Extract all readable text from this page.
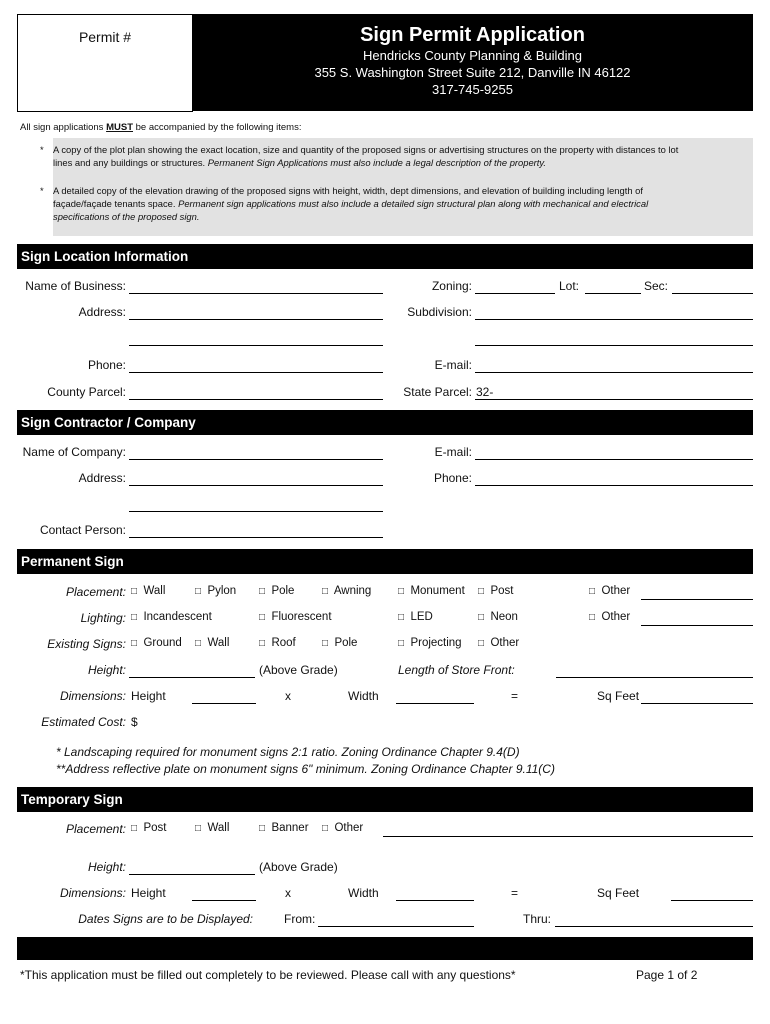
Permit #	Sign Permit Application
Hendricks County Planning & Building
355 S. Washington Street Suite 212, Danville IN 46122
317-745-9255
All sign applications MUST be accompanied by the following items:
* A copy of the plot plan showing the exact location, size and quantity of the proposed signs or advertising structures on the property with distances to lot
lines and any buildings or structures. Permanent Sign Applications must also include a legal description of the property.
* A detailed copy of the elevation drawing of the proposed signs with height, width, dept dimensions, and elevation of building including length of
façade/façade tenants space. Permanent sign applications must also include a detailed sign structural plan along with mechanical and electrical
specifications of the proposed sign.
Sign Location Information
Name of Business:	Zoning:	Lot:	Sec:
Address:	Subdivision:
Phone:	E-mail:
County Parcel:	State Parcel: 32-
Sign Contractor / Company
Name of Company:	E-mail:
Address:	Phone:
Contact Person:
Permanent Sign
Placement: □ Wall	□ Pylon □ Pole	□ Awning	□ Monument □ Post	□ Other
Lighting: □ Incandescent	□ Fluorescent	□ LED	□ Neon	□ Other
Existing Signs: □ Ground □ Wall	□ Roof	□ Pole	□ Projecting □ Other
Height:	(Above Grade)	Length of Store Front:
Dimensions: Height	x	Width	=	Sq Feet
Estimated Cost: $
* Landscaping required for monument signs 2:1 ratio. Zoning Ordinance Chapter 9.4(D)
**Address reflective plate on monument signs 6" minimum. Zoning Ordinance Chapter 9.11(C)
Temporary Sign
Placement: □ Post	□ Wall	□ Banner □ Other
Height:	(Above Grade)
Dimensions: Height	x	Width	=	Sq Feet
Dates Signs are to be Displayed:	From:	Thru:
*This application must be filled out completely to be reviewed. Please call with any questions*	Page 1 of 2
